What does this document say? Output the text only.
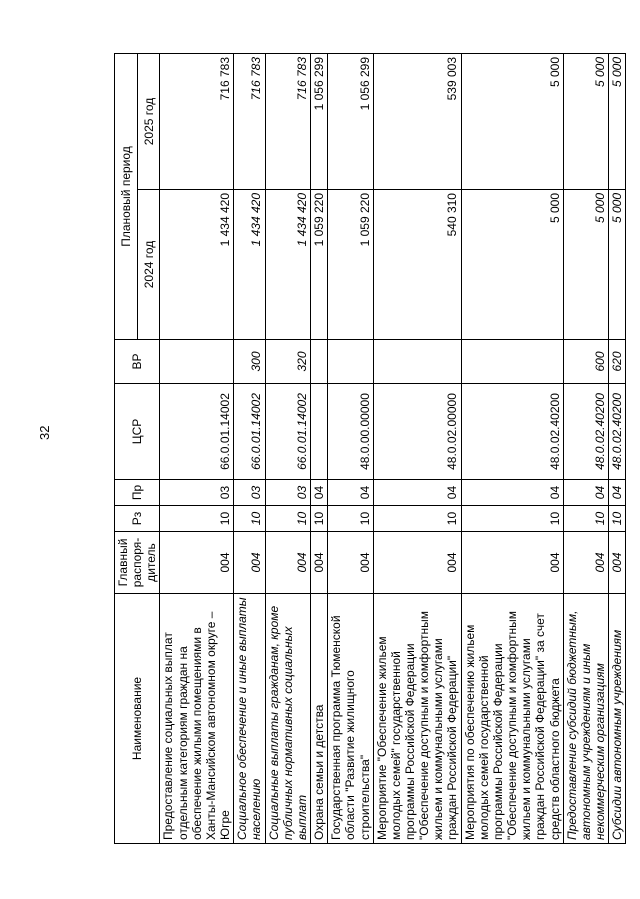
32
Наименование	Главный распоря-дитель	Рз	Пр	ЦСР	ВР	Плановый период	
						2024 год	2025 год
Предоставление социальных выплат отдельным категориям граждан на обеспечение жилыми помещениями в Ханты-Мансийском автономном округе – Югре	004	10	03	66.0.01.14002		1 434 420	716 783
Социальное обеспечение и иные выплаты населению	004	10	03	66.0.01.14002	300	1 434 420	716 783
Социальные выплаты гражданам, кроме публичных нормативных социальных выплат	004	10	03	66.0.01.14002	320	1 434 420	716 783
Охрана семьи и детства	004	10	04			1 059 220	1 056 299
Государственная программа Тюменской области "Развитие жилищного строительства"	004	10	04	48.0.00.00000		1 059 220	1 056 299
Мероприятие "Обеспечение жильем молодых семей" государственной программы Российской Федерации "Обеспечение доступным и комфортным жильем и коммунальными услугами граждан Российской Федерации"	004	10	04	48.0.02.00000		540 310	539 003
Мероприятия по обеспечению жильем молодых семей государственной программы Российской Федерации "Обеспечение доступным и комфортным жильем и коммунальными услугами граждан Российской Федерации" за счет средств областного бюджета	004	10	04	48.0.02.40200		5 000	5 000
Предоставление субсидий бюджетным, автономным учреждениям и иным некоммерческим организациям	004	10	04	48.0.02.40200	600	5 000	5 000
Субсидии автономным учреждениям	004	10	04	48.0.02.40200	620	5 000	5 000
